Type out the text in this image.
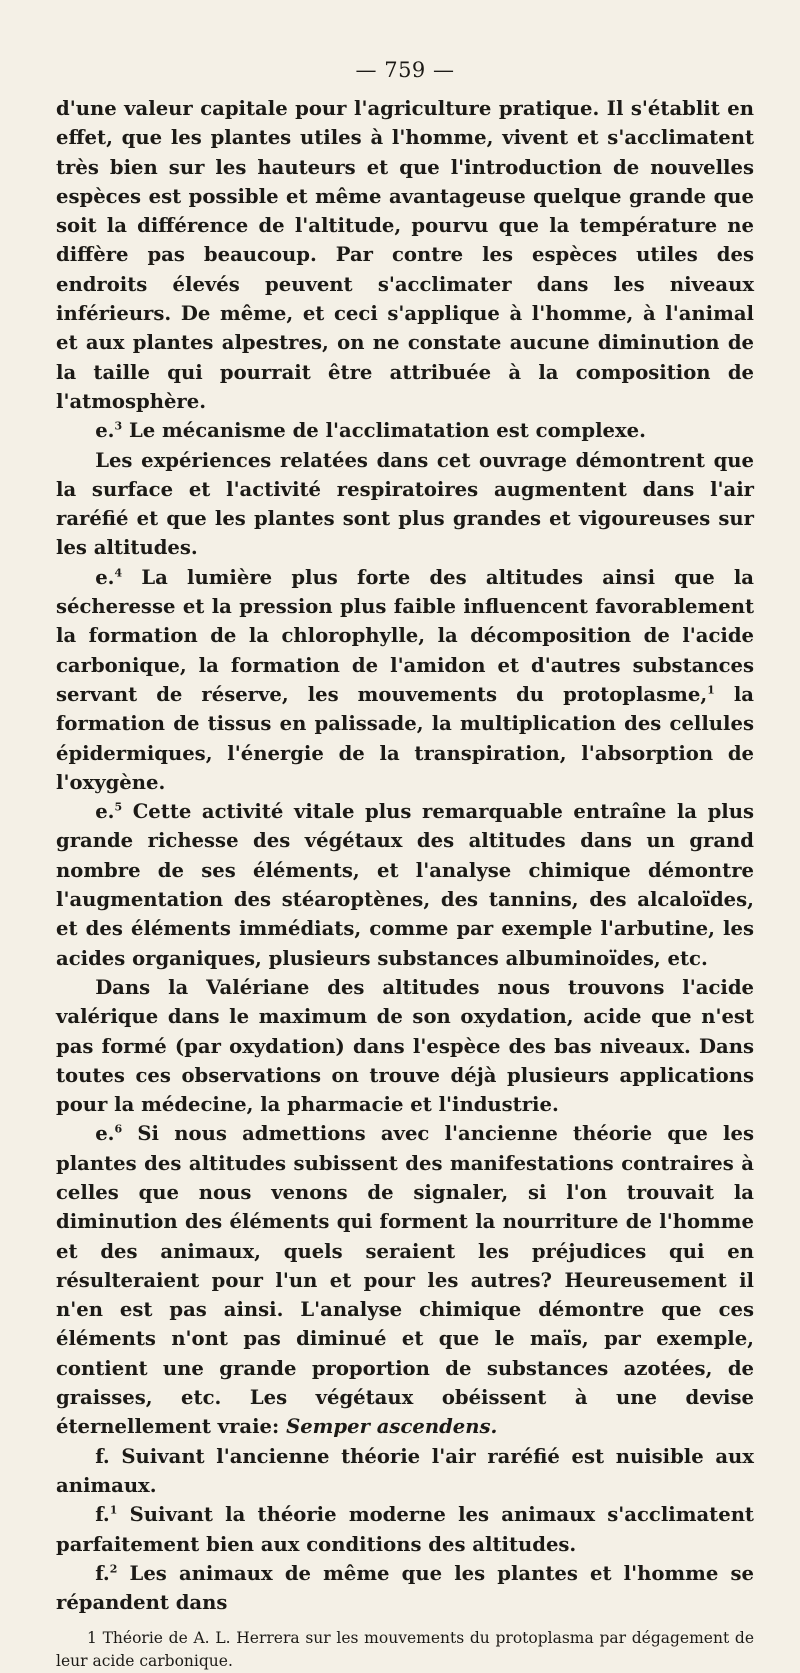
— 759 —

d'une valeur capitale pour l'agriculture pratique. Il s'établit en effet, que les plantes utiles à l'homme, vivent et s'acclimatent très bien sur les hauteurs et que l'introduction de nouvelles espèces est possible et même avantageuse quelque grande que soit la différence de l'altitude, pourvu que la température ne diffère pas beaucoup. Par contre les espèces utiles des endroits élevés peuvent s'acclimater dans les niveaux inférieurs. De même, et ceci s'applique à l'homme, à l'animal et aux plantes alpestres, on ne constate aucune diminution de la taille qui pourrait être attribuée à la composition de l'atmosphère.

e.$^3$ Le mécanisme de l'acclimatation est complexe.

Les expériences relatées dans cet ouvrage démontrent que la surface et l'activité respiratoires augmentent dans l'air raréfié et que les plantes sont plus grandes et vigoureuses sur les altitudes.

e.$^4$ La lumière plus forte des altitudes ainsi que la sécheresse et la pression plus faible influencent favorablement la formation de la chlorophylle, la décomposition de l'acide carbonique, la formation de l'amidon et d'autres substances servant de réserve, les mouvements du protoplasme,$^1$ la formation de tissus en palissade, la multiplication des cellules épidermiques, l'énergie de la transpiration, l'absorption de l'oxygène.

e.$^5$ Cette activité vitale plus remarquable entraîne la plus grande richesse des végétaux des altitudes dans un grand nombre de ses éléments, et l'analyse chimique démontre l'augmentation des stéaroptènes, des tannins, des alcaloïdes, et des éléments immédiats, comme par exemple l'arbutine, les acides organiques, plusieurs substances albuminoïdes, etc.

Dans la Valériane des altitudes nous trouvons l'acide valérique dans le maximum de son oxydation, acide que n'est pas formé (par oxydation) dans l'espèce des bas niveaux. Dans toutes ces observations on trouve déjà plusieurs applications pour la médecine, la pharmacie et l'industrie.

e.$^6$ Si nous admettions avec l'ancienne théorie que les plantes des altitudes subissent des manifestations contraires à celles que nous venons de signaler, si l'on trouvait la diminution des éléments qui forment la nourriture de l'homme et des animaux, quels seraient les préjudices qui en résulteraient pour l'un et pour les autres? Heureusement il n'en est pas ainsi. L'analyse chimique démontre que ces éléments n'ont pas diminué et que le maïs, par exemple, contient une grande proportion de substances azotées, de graisses, etc. Les végétaux obéissent à une devise éternellement vraie: Semper ascendens.

f. Suivant l'ancienne théorie l'air raréfié est nuisible aux animaux.

f.$^1$ Suivant la théorie moderne les animaux s'acclimatent parfaitement bien aux conditions des altitudes.

f.$^2$ Les animaux de même que les plantes et l'homme se répandent dans

1 Théorie de A. L. Herrera sur les mouvements du protoplasma par dégagement de leur acide carbonique.
